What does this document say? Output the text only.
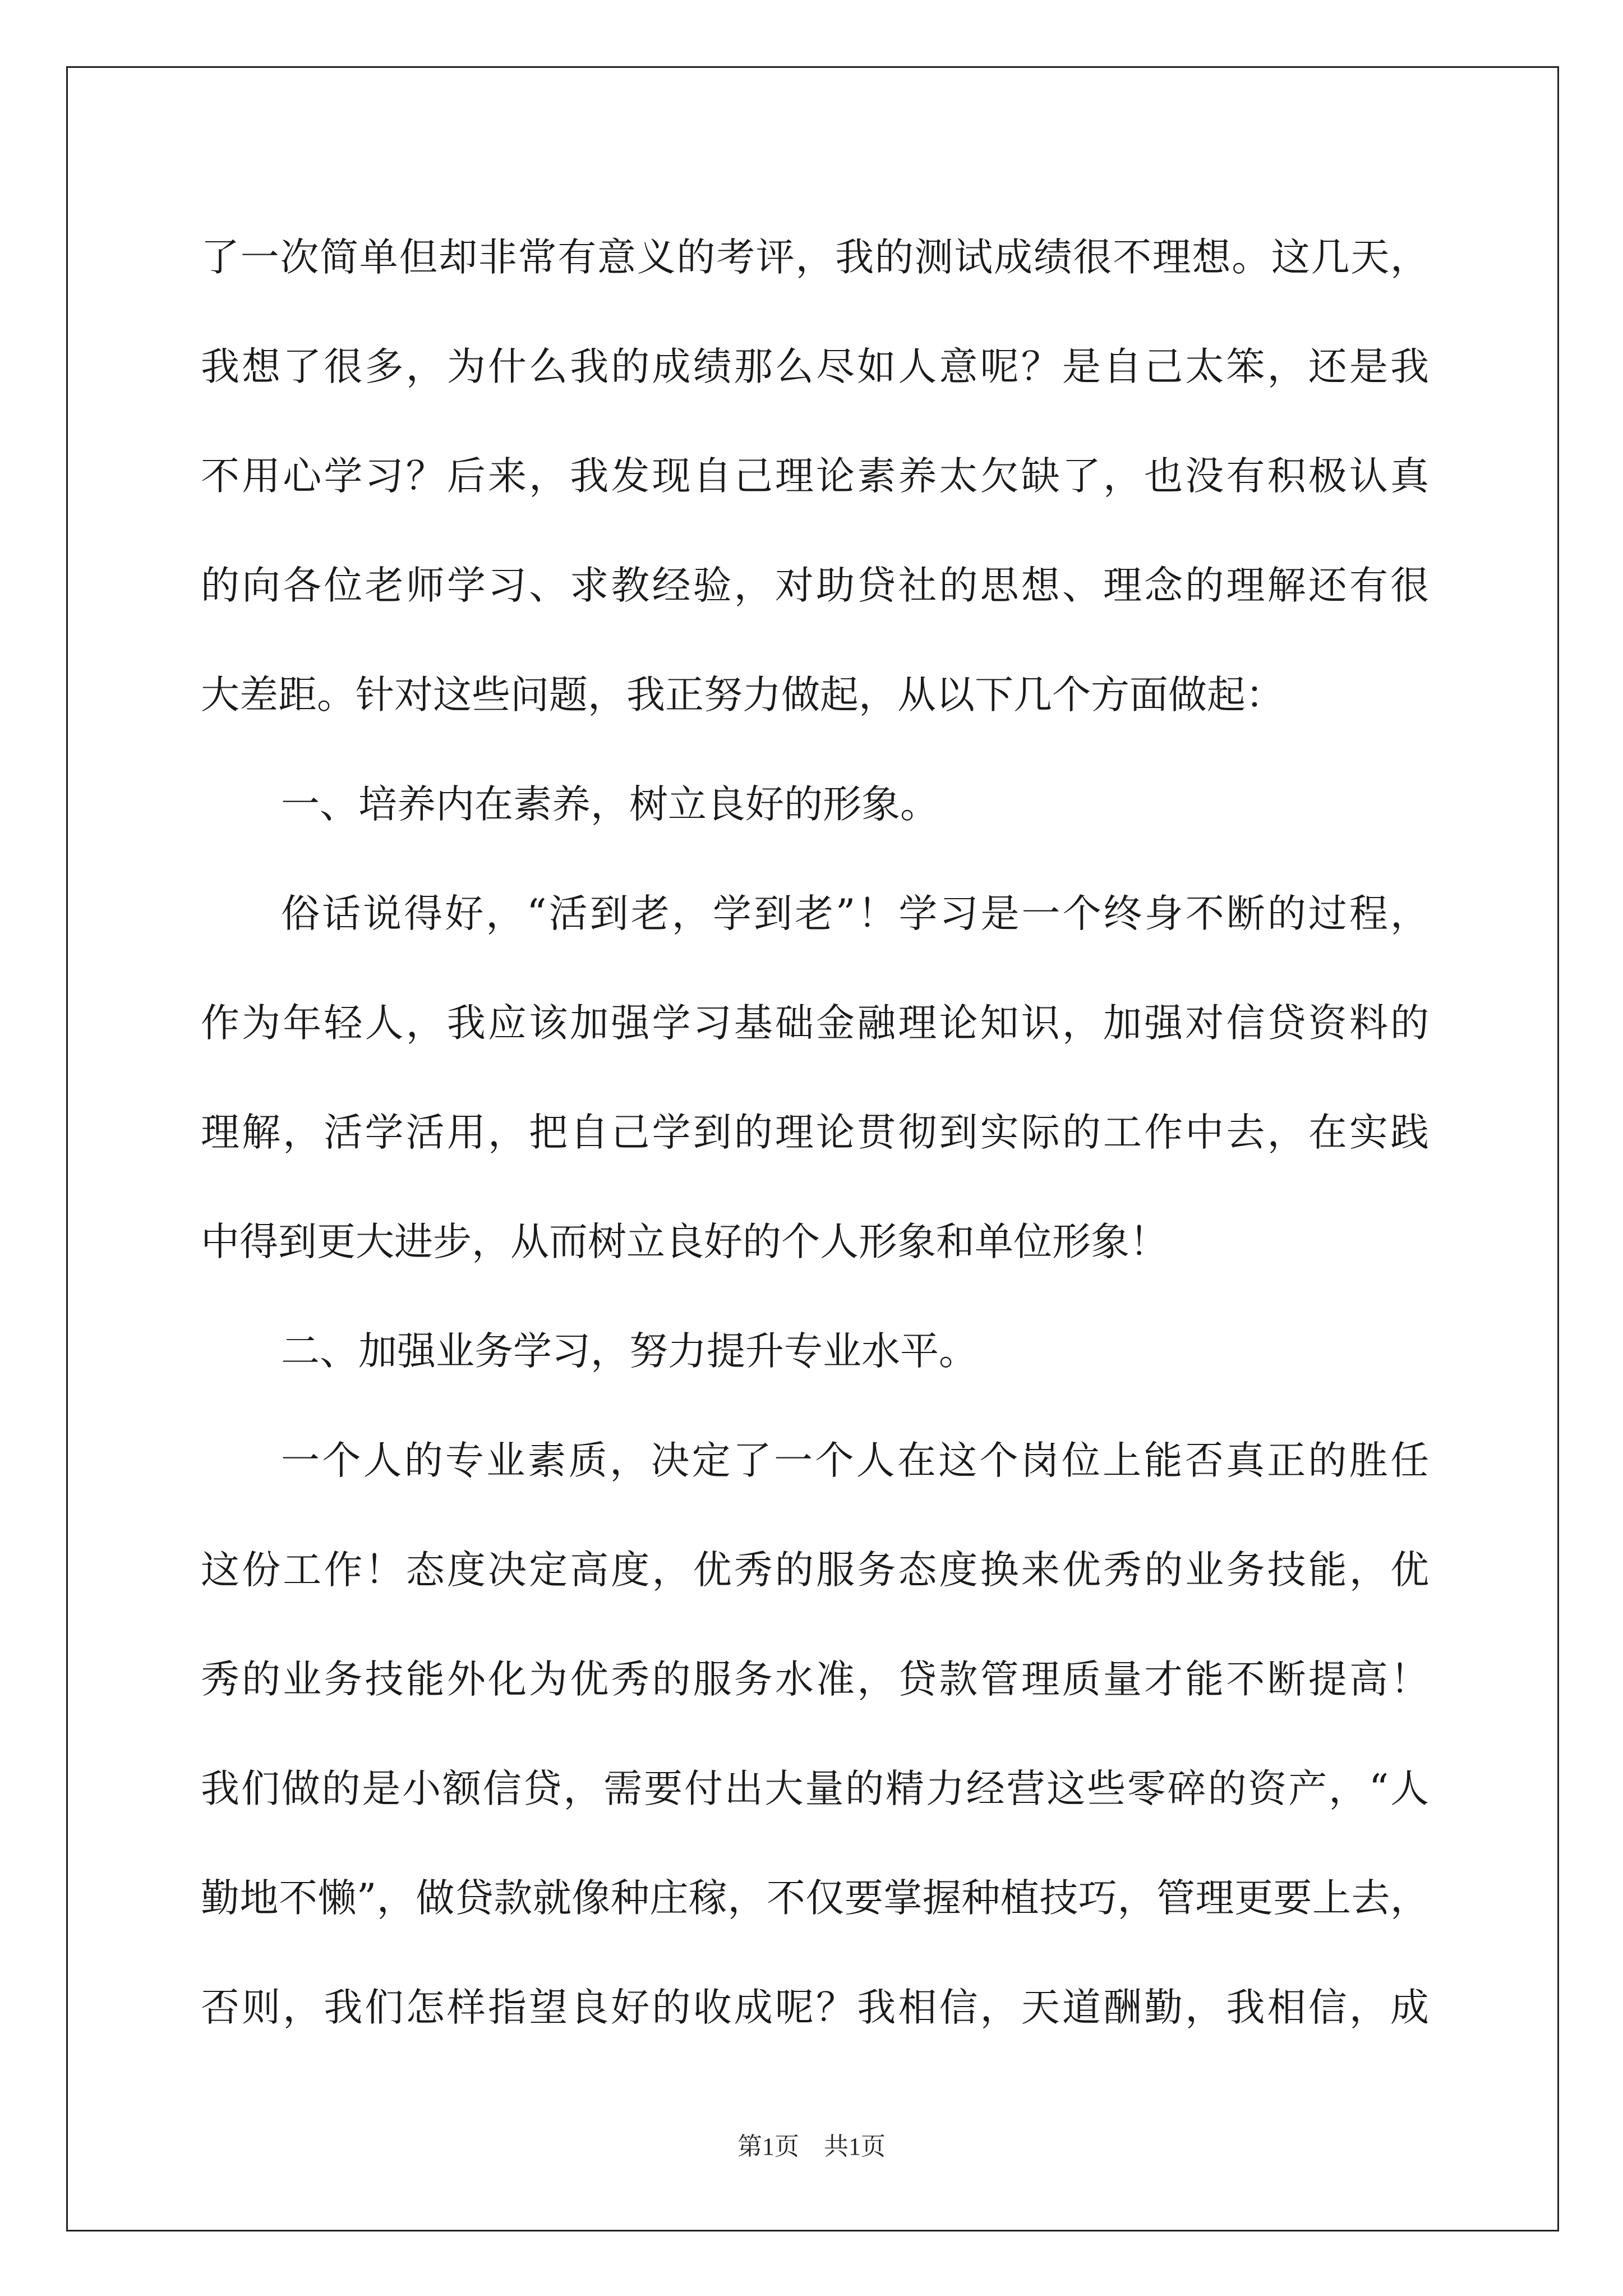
了一次简单但却非常有意义的考评，我的测试成绩很不理想。这几天，

我想了很多，为什么我的成绩那么尽如人意呢？是自己太笨，还是我

不用心学习？后来，我发现自己理论素养太欠缺了，也没有积极认真

的向各位老师学习、求教经验，对助贷社的思想、理念的理解还有很

大差距。针对这些问题，我正努力做起，从以下几个方面做起：

一、培养内在素养，树立良好的形象。

俗话说得好，“活到老，学到老”！学习是一个终身不断的过程，

作为年轻人，我应该加强学习基础金融理论知识，加强对信贷资料的

理解，活学活用，把自己学到的理论贯彻到实际的工作中去，在实践

中得到更大进步，从而树立良好的个人形象和单位形象！

二、加强业务学习，努力提升专业水平。

一个人的专业素质，决定了一个人在这个岗位上能否真正的胜任

这份工作！态度决定高度，优秀的服务态度换来优秀的业务技能，优

秀的业务技能外化为优秀的服务水准，贷款管理质量才能不断提高！

我们做的是小额信贷，需要付出大量的精力经营这些零碎的资产，“人

勤地不懒”，做贷款就像种庄稼，不仅要掌握种植技巧，管理更要上去，

否则，我们怎样指望良好的收成呢？我相信，天道酬勤，我相信，成

第1页　共1页
